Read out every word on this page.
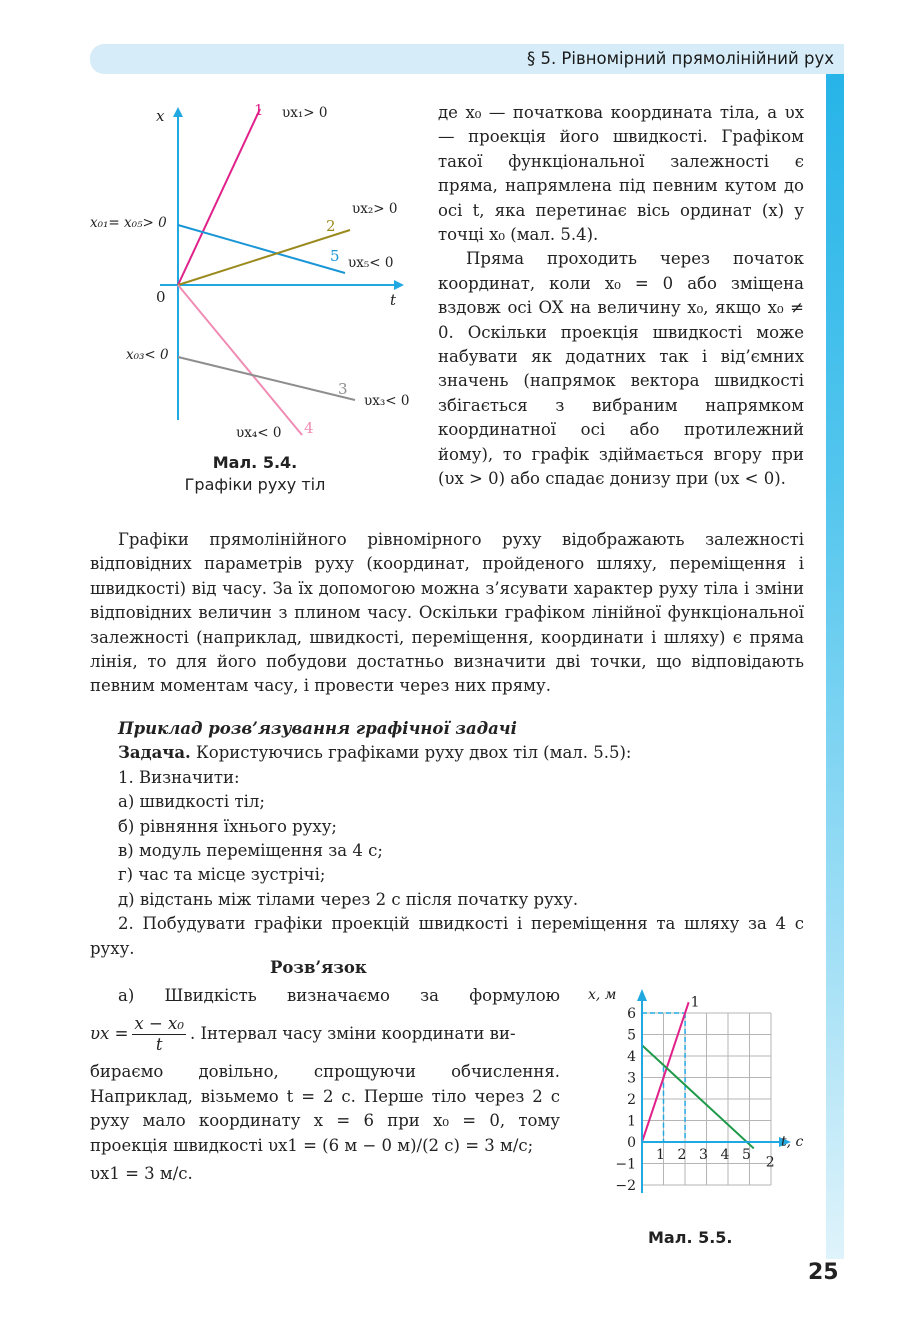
§ 5. Рівномірний прямолінійний рух
x
t
0
x₀₁= x₀₅> 0
x₀₃< 0
1 υx₁> 0
2
υx₂> 0
5 υx₅< 0
3
υx₃< 0
4
υx₄< 0
Мал. 5.4.
Графіки руху тіл

де x₀ — початкова координата тіла, а υx — проекція його швидкості. Графіком такої функціональної залежності є пряма, напрямлена під певним кутом до осі t, яка перетинає вісь ординат (x) у точці x₀ (мал. 5.4).

Пряма проходить через початок координат, коли x₀ = 0 або зміщена вздовж осі OX на величину x₀, якщо x₀ ≠ 0. Оскільки проекція швидкості може набувати як додатних так і від’ємних значень (напрямок вектора швидкості збігається з вибраним напрямком координатної осі або протилежний йому), то графік здіймається вгору при (υx > 0) або спадає донизу при (υx < 0).

Графіки прямолінійного рівномірного руху відображають залежності відповідних параметрів руху (координат, пройденого шляху, переміщення і швидкості) від часу. За їх допомогою можна з’ясувати характер руху тіла і зміни відповідних величин з плином часу. Оскільки графіком лінійної функціональної залежності (наприклад, швидкості, переміщення, координати і шляху) є пряма лінія, то для його побудови достатньо визначити дві точки, що відповідають певним моментам часу, і провести через них пряму.

Приклад розв’язування графічної задачі
Задача. Користуючись графіками руху двох тіл (мал. 5.5):
1. Визначити:
а) швидкості тіл;
б) рівняння їхнього руху;
в) модуль переміщення за 4 с;
г) час та місце зустрічі;
д) відстань між тілами через 2 с після початку руху.
2. Побудувати графіки проекцій швидкості і переміщення та шляху за 4 с руху.
Розв’язок
а) Швидкість визначаємо за формулою
$\upsilon x = \frac{\text{x − x₀}}{t}$ . Інтервал часу зміни координати ви-
бираємо довільно, спрощуючи обчислення. Наприклад, візьмемо t = 2 с. Перше тіло через 2 с руху мало координату x = 6 при x₀ = 0, тому проекція швидкості υx1 = (6 м − 0 м)/(2 с) = 3 м/с;
υx1 = 3 м/с.
1
2
−2
−1
0
1
2
3
4
5
6
1 2 3 4 5
x, м
t, с
Мал. 5.5.
25
